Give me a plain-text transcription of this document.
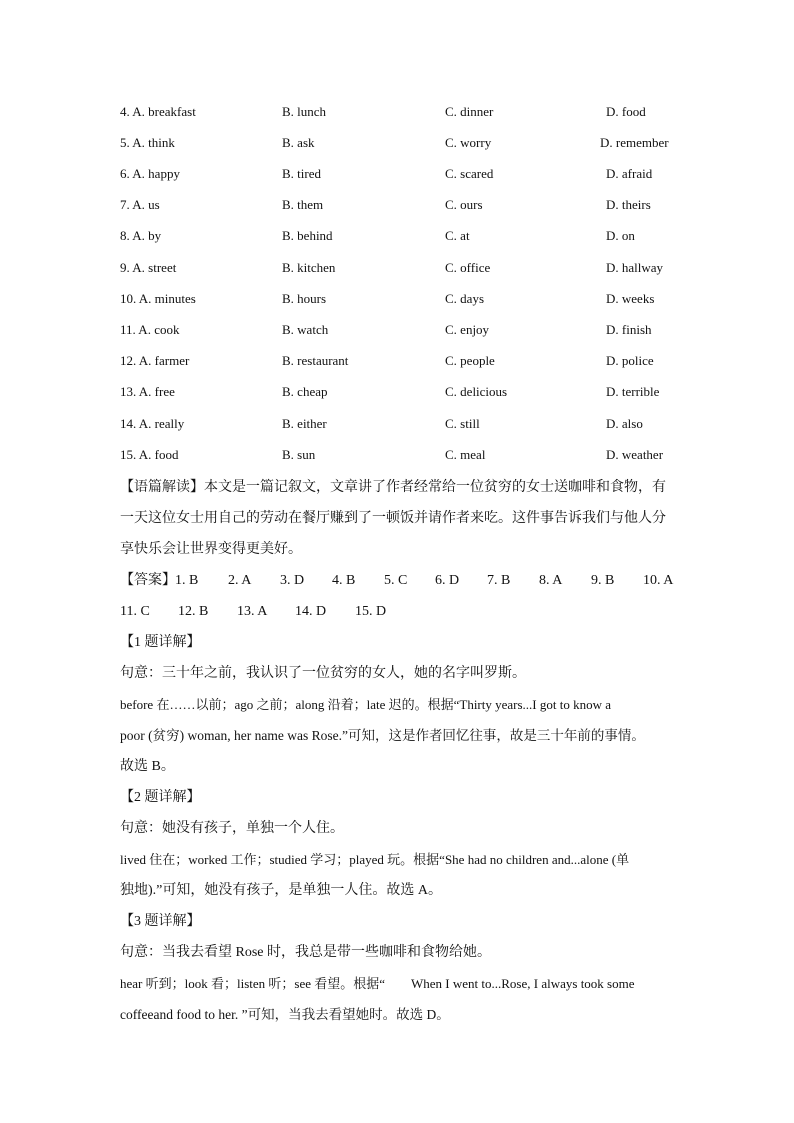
4. A. breakfast	B. lunch	C. dinner	D. food
5. A. think	B. ask	C. worry	D. remember
6. A. happy	B. tired	C. scared	D. afraid
7. A. us	B. them	C. ours	D. theirs
8. A. by	B. behind	C. at	D. on
9. A. street	B. kitchen	C. office	D. hallway
10. A. minutes	B. hours	C. days	D. weeks
11. A. cook	B. watch	C. enjoy	D. finish
12. A. farmer	B. restaurant	C. people	D. police
13. A. free	B. cheap	C. delicious	D. terrible
14. A. really	B. either	C. still	D. also
15. A. food	B. sun	C. meal	D. weather
【语篇解读】本文是一篇记叙文，文章讲了作者经常给一位贫穷的女士送咖啡和食物，有
一天这位女士用自己的劳动在餐厅赚到了一顿饭并请作者来吃。这件事告诉我们与他人分
享快乐会让世界变得更美好。
【答案】 1. B 2. A 3. D 4. B 5. C 6. D 7. B 8. A 9. B 10. A
11. C 12. B 13. A 14. D 15. D
【1 题详解】
句意：三十年之前，我认识了一位贫穷的女人，她的名字叫罗斯。
before 在……以前；ago 之前；along 沿着；late 迟的。根据“Thirty years...I got to know a
poor (贫穷) woman, her name was Rose.”可知，这是作者回忆往事，故是三十年前的事情。
故选 B。
【2 题详解】
句意：她没有孩子，单独一个人住。
lived 住在；worked 工作；studied 学习；played 玩。根据“She had no children and...alone (单
独地).”可知，她没有孩子，是单独一人住。故选 A。
【3 题详解】
句意：当我去看望 Rose 时，我总是带一些咖啡和食物给她。
hear 听到；look 看；listen 听；see 看望。根据“　　When I went to...Rose, I always took some
coffeeand food to her. ”可知，当我去看望她时。故选 D。
